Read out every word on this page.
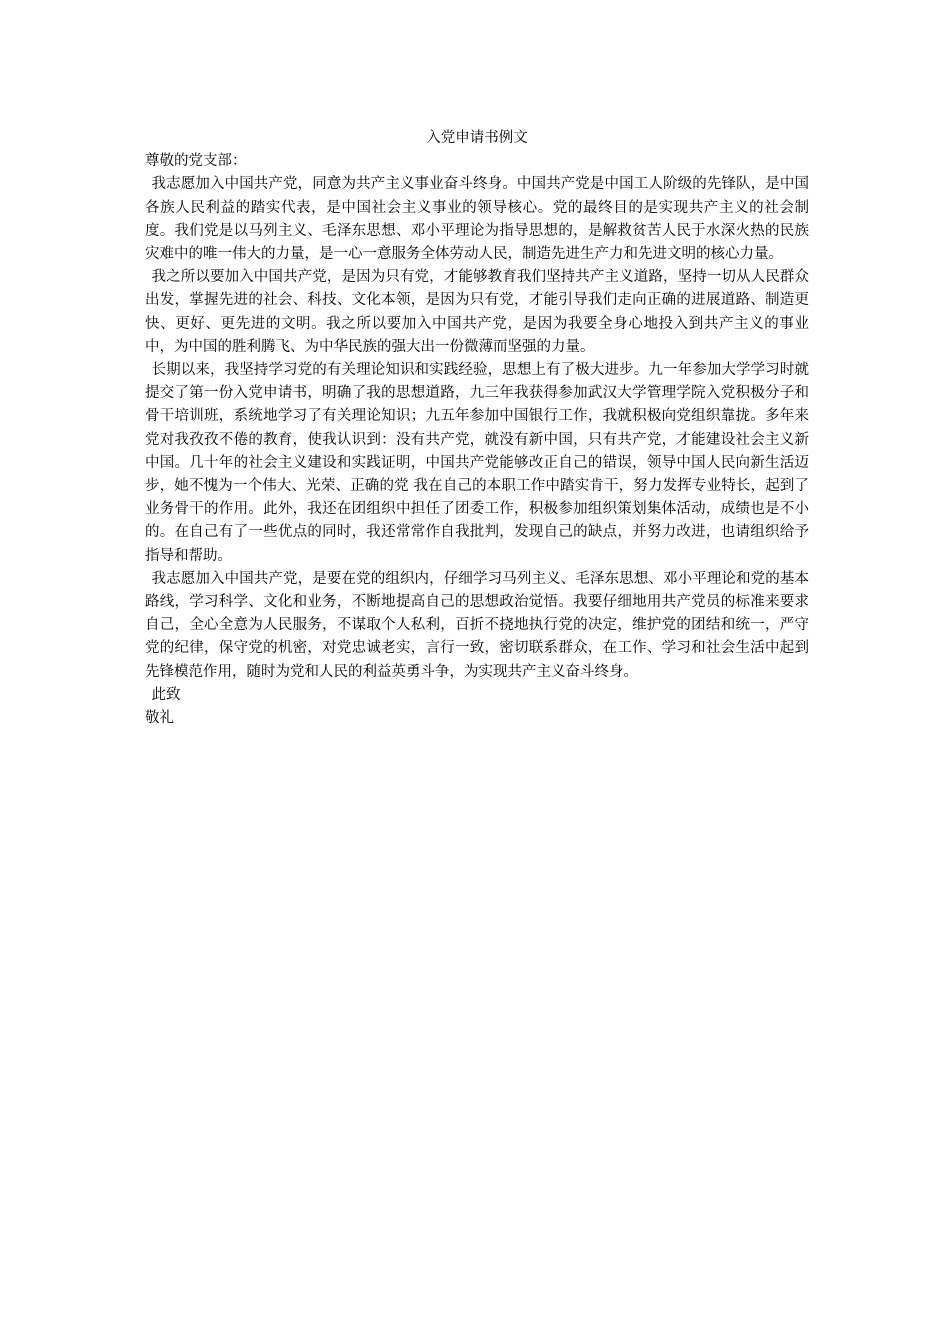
入党申请书例文

尊敬的党支部：

我志愿加入中国共产党，同意为共产主义事业奋斗终身。中国共产党是中国工人阶级的先锋队，是中国各族人民利益的踏实代表，是中国社会主义事业的领导核心。党的最终目的是实现共产主义的社会制度。我们党是以马列主义、毛泽东思想、邓小平理论为指导思想的，是解救贫苦人民于水深火热的民族灾难中的唯一伟大的力量，是一心一意服务全体劳动人民，制造先进生产力和先进文明的核心力量。

我之所以要加入中国共产党，是因为只有党，才能够教育我们坚持共产主义道路，坚持一切从人民群众出发，掌握先进的社会、科技、文化本领，是因为只有党，才能引导我们走向正确的进展道路、制造更快、更好、更先进的文明。我之所以要加入中国共产党，是因为我要全身心地投入到共产主义的事业中，为中国的胜利腾飞、为中华民族的强大出一份微薄而坚强的力量。

长期以来，我坚持学习党的有关理论知识和实践经验，思想上有了极大进步。九一年参加大学学习时就提交了第一份入党申请书，明确了我的思想道路，九三年我获得参加武汉大学管理学院入党积极分子和骨干培训班，系统地学习了有关理论知识；九五年参加中国银行工作，我就积极向党组织靠拢。多年来党对我孜孜不倦的教育，使我认识到：没有共产党，就没有新中国，只有共产党，才能建设社会主义新中国。几十年的社会主义建设和实践证明，中国共产党能够改正自己的错误，领导中国人民向新生活迈步，她不愧为一个伟大、光荣、正确的党 我在自己的本职工作中踏实肯干，努力发挥专业特长，起到了业务骨干的作用。此外，我还在团组织中担任了团委工作，积极参加组织策划集体活动，成绩也是不小的。在自己有了一些优点的同时，我还常常作自我批判，发现自己的缺点，并努力改进，也请组织给予指导和帮助。

我志愿加入中国共产党，是要在党的组织内，仔细学习马列主义、毛泽东思想、邓小平理论和党的基本路线，学习科学、文化和业务，不断地提高自己的思想政治觉悟。我要仔细地用共产党员的标准来要求自己，全心全意为人民服务，不谋取个人私利，百折不挠地执行党的决定，维护党的团结和统一，严守党的纪律，保守党的机密，对党忠诚老实，言行一致，密切联系群众，在工作、学习和社会生活中起到先锋模范作用，随时为党和人民的利益英勇斗争，为实现共产主义奋斗终身。

此致

敬礼
